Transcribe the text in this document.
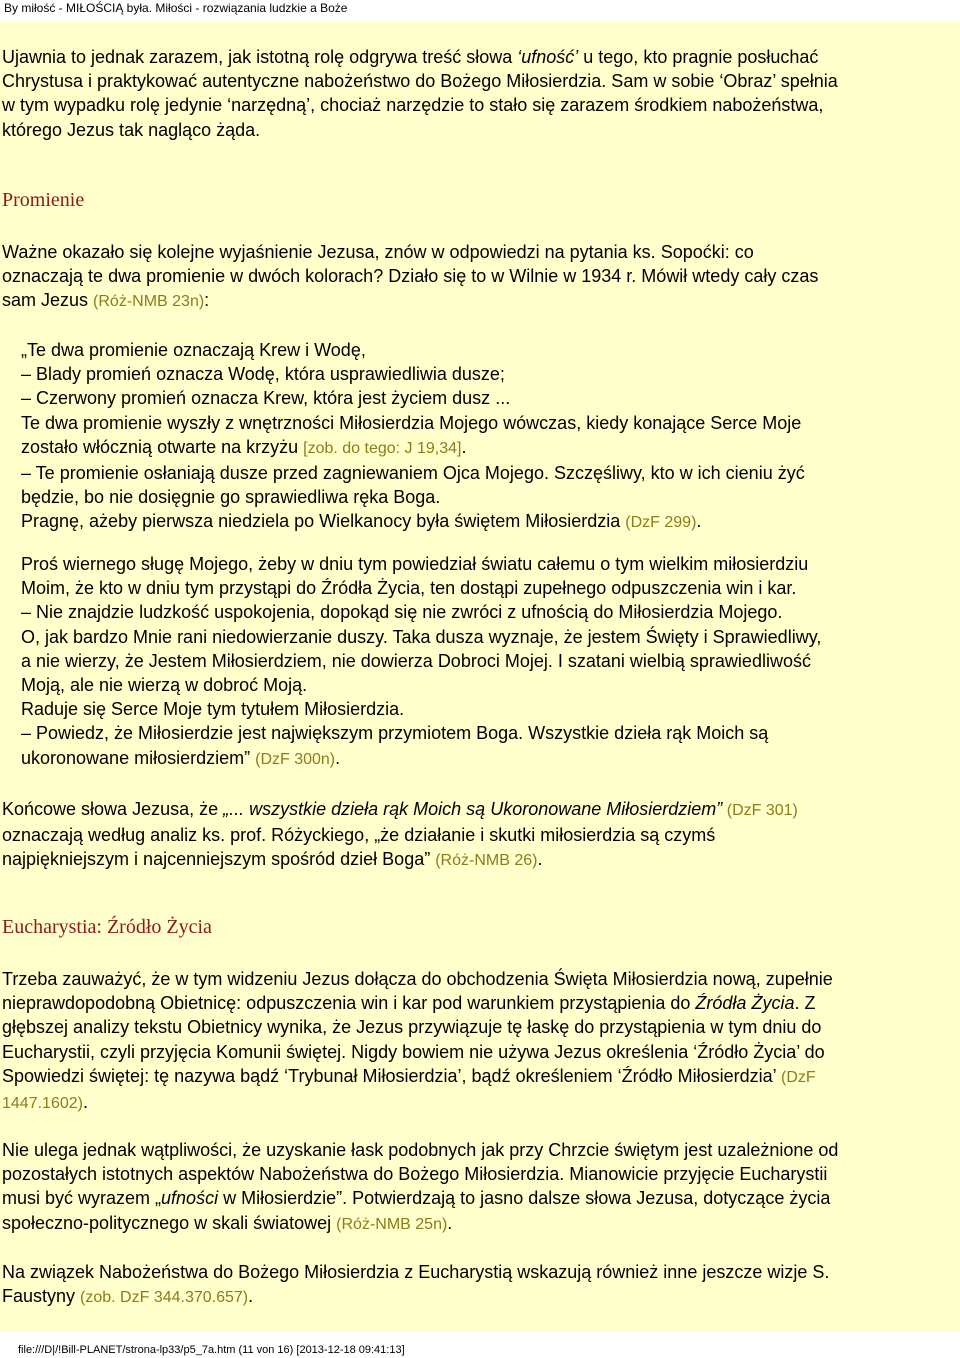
By miłość - MIŁOŚCIĄ była. Miłości - rozwiązania ludzkie a Boże

Ujawnia to jednak zarazem, jak istotną rolę odgrywa treść słowa ‘ufność’ u tego, kto pragnie posłuchać
Chrystusa i praktykować autentyczne nabożeństwo do Bożego Miłosierdzia. Sam w sobie ‘Obraz’ spełnia
w tym wypadku rolę jedynie ‘narzędną’, chociaż narzędzie to stało się zarazem środkiem nabożeństwa,
którego Jezus tak nagląco żąda.

Promienie

Ważne okazało się kolejne wyjaśnienie Jezusa, znów w odpowiedzi na pytania ks. Sopoćki: co
oznaczają te dwa promienie w dwóch kolorach? Działo się to w Wilnie w 1934 r. Mówił wtedy cały czas
sam Jezus (Róż-NMB 23n):

„Te dwa promienie oznaczają Krew i Wodę,
– Blady promień oznacza Wodę, która usprawiedliwia dusze;
– Czerwony promień oznacza Krew, która jest życiem dusz ...
Te dwa promienie wyszły z wnętrzności Miłosierdzia Mojego wówczas, kiedy konające Serce Moje
zostało włócznią otwarte na krzyżu [zob. do tego: J 19,34].
– Te promienie osłaniają dusze przed zagniewaniem Ojca Mojego. Szczęśliwy, kto w ich cieniu żyć
będzie, bo nie dosięgnie go sprawiedliwa ręka Boga.
Pragnę, ażeby pierwsza niedziela po Wielkanocy była świętem Miłosierdzia (DzF 299).

Proś wiernego sługę Mojego, żeby w dniu tym powiedział światu całemu o tym wielkim miłosierdziu
Moim, że kto w dniu tym przystąpi do Źródła Życia, ten dostąpi zupełnego odpuszczenia win i kar.
– Nie znajdzie ludzkość uspokojenia, dopokąd się nie zwróci z ufnością do Miłosierdzia Mojego.
O, jak bardzo Mnie rani niedowierzanie duszy. Taka dusza wyznaje, że jestem Święty i Sprawiedliwy,
a nie wierzy, że Jestem Miłosierdziem, nie dowierza Dobroci Mojej. I szatani wielbią sprawiedliwość
Moją, ale nie wierzą w dobroć Moją.
Raduje się Serce Moje tym tytułem Miłosierdzia.
– Powiedz, że Miłosierdzie jest największym przymiotem Boga. Wszystkie dzieła rąk Moich są
ukoronowane miłosierdziem” (DzF 300n).

Końcowe słowa Jezusa, że „... wszystkie dzieła rąk Moich są Ukoronowane Miłosierdziem” (DzF 301)
oznaczają według analiz ks. prof. Różyckiego, „że działanie i skutki miłosierdzia są czymś
najpiękniejszym i najcenniejszym spośród dzieł Boga” (Róż-NMB 26).

Eucharystia: Źródło Życia

Trzeba zauważyć, że w tym widzeniu Jezus dołącza do obchodzenia Święta Miłosierdzia nową, zupełnie
nieprawdopodobną Obietnicę: odpuszczenia win i kar pod warunkiem przystąpienia do Źródła Życia. Z
głębszej analizy tekstu Obietnicy wynika, że Jezus przywiązuje tę łaskę do przystąpienia w tym dniu do
Eucharystii, czyli przyjęcia Komunii świętej. Nigdy bowiem nie używa Jezus określenia ‘Źródło Życia’ do
Spowiedzi świętej: tę nazywa bądź ‘Trybunał Miłosierdzia’, bądź określeniem ‘Źródło Miłosierdzia’ (DzF
1447.1602).

Nie ulega jednak wątpliwości, że uzyskanie łask podobnych jak przy Chrzcie świętym jest uzależnione od
pozostałych istotnych aspektów Nabożeństwa do Bożego Miłosierdzia. Mianowicie przyjęcie Eucharystii
musi być wyrazem „ufności w Miłosierdzie”. Potwierdzają to jasno dalsze słowa Jezusa, dotyczące życia
społeczno-politycznego w skali światowej (Róż-NMB 25n).

Na związek Nabożeństwa do Bożego Miłosierdzia z Eucharystią wskazują również inne jeszcze wizje S.
Faustyny (zob. DzF 344.370.657).

file:///D|/!Bill-PLANET/strona-lp33/p5_7a.htm (11 von 16) [2013-12-18 09:41:13]
